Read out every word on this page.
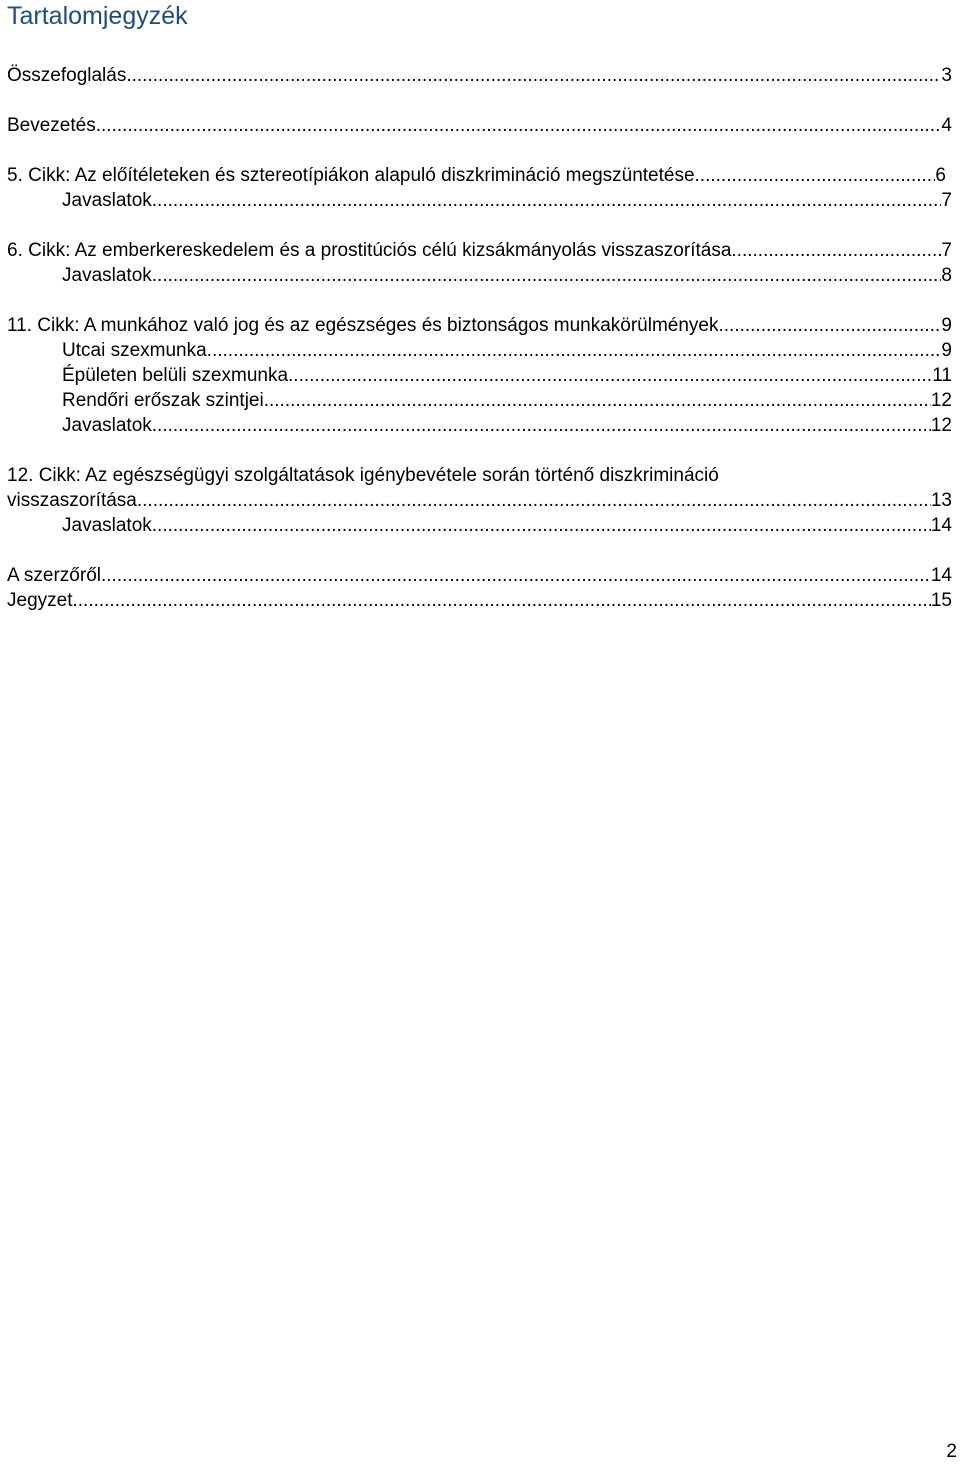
Tartalomjegyzék
Összefoglalás .....	3
Bevezetés .....	4
5. Cikk: Az előítéleteken és sztereotípiákon alapuló diszkrimináció megszüntetése .....	6
Javaslatok .....	7
6. Cikk: Az emberkereskedelem és a prostitúciós célú kizsákmányolás visszaszorítása .....	7
Javaslatok .....	8
11. Cikk: A munkához való jog és az egészséges és biztonságos munkakörülmények .....	9
Utcai szexmunka .....	9
Épületen belüli szexmunka .....	11
Rendőri erőszak szintjei .....	12
Javaslatok .....	12
12. Cikk: Az egészségügyi szolgáltatások igénybevétele során történő diszkrimináció
visszaszorítása .....	13
Javaslatok .....	14
A szerzőről .....	14
Jegyzet .....	15
2
